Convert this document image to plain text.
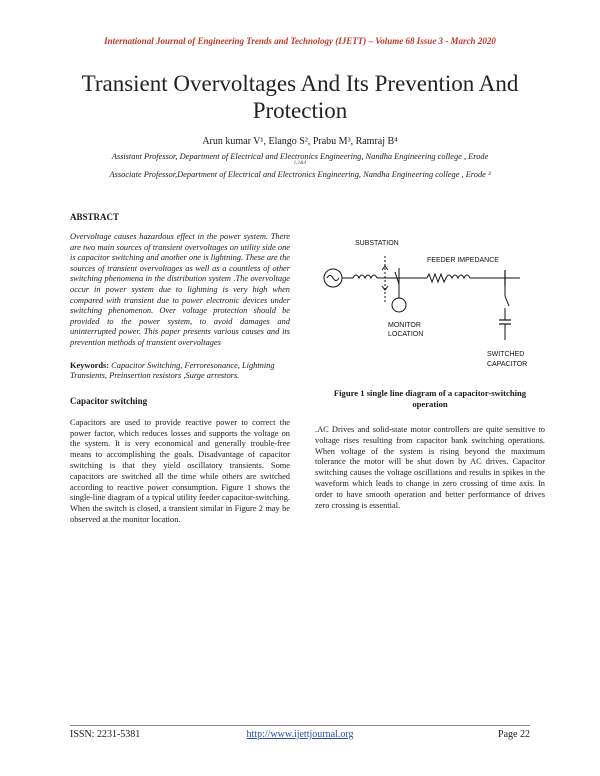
International Journal of Engineering Trends and Technology (IJETT) – Volume 68 Issue 3 - March 2020
Transient Overvoltages And Its Prevention And Protection
Arun kumar V¹, Elango S², Prabu M³, Ramraj B⁴
Assistant Professor, Department of Electrical and Electronics Engineering, Nandha Engineering college , Erode
1,2&4
Associate Professor,Department of Electrical and Electronics Engineering, Nandha Engineering college , Erode ³
ABSTRACT

Overvoltage causes hazardous effect in the power system. There are two main sources of transient overvoltages on utility side one is capacitor switching and another one is lightning. These are the sources of transient overvoltages as well as a countless of other switching phenomena in the distribution system .The overvoltage occur in power system due to lightning is very high when compared with transient due to power electronic devices under switching phenomenon. Over voltage protection should be provided to the power system, to avoid damages and uninterrupted power. This paper presents various causes and its prevention methods of transient overvoltages

Keywords: Capacitor Switching, Ferroresonance, Lightning Transients, Preinsertion resistors ,Surge arrestors.
Capacitor switching
Capacitors are used to provide reactive power to correct the power factor, which reduces losses and supports the voltage on the system. It is very economical and generally trouble-free means to accomplishing the goals. Disadvantage of capacitor switching is that they yield oscillatory transients. Some capacitors are switched all the time while others are switched according to reactive power consumption. Figure 1 shows the single-line diagram of a typical utility feeder capacitor-switching. When the switch is closed, a transient similar in Figure 2 may be observed at the monitor location.
SUBSTATION
FEEDER IMPEDANCE
MONITOR
LOCATION
SWITCHED
CAPACITOR
Figure 1 single line diagram of a capacitor-switching operation
.AC Drives and solid-state motor controllers are quite sensitive to voltage rises resulting from capacitor bank switching operations. When voltage of the system is rising beyond the maximum tolerance the motor will be shut down by AC drives. Capacitor switching causes the voltage oscillations and results in spikes in the waveform which leads to change in zero crossing of time axis. In order to have smooth operation and better performance of drives zero crossing is essential.
ISSN: 2231-5381	http://www.ijettjournal.org	Page 22
